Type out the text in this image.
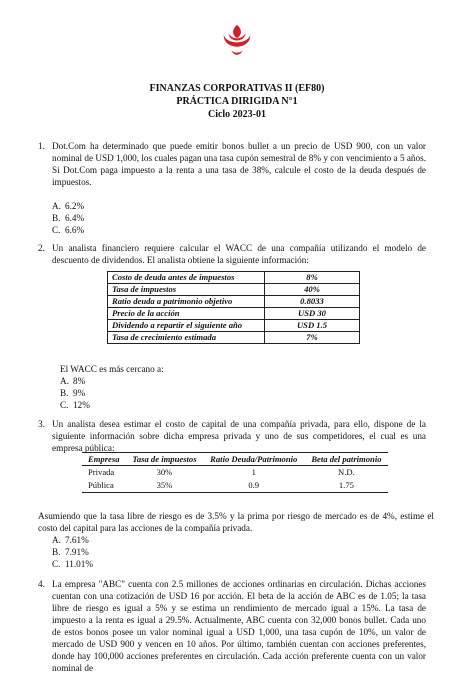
FINANZAS CORPORATIVAS II (EF80)
PRÁCTICA DIRIGIDA N°1
Ciclo 2023-01
1. Dot.Com ha determinado que puede emitir bonos bullet a un precio de USD 900, con un valor nominal de USD 1,000, los cuales pagan una tasa cupón semestral de 8% y con vencimiento a 5 años. Si Dot.Com paga impuesto a la renta a una tasa de 38%, calcule el costo de la deuda después de impuestos.
A. 6.2%
B. 6.4%
C. 6.6%
2. Un analista financiero requiere calcular el WACC de una compañía utilizando el modelo de descuento de dividendos. El analista obtiene la siguiente información:
Costo de deuda antes de impuestos	8%
Tasa de impuestos	40%
Ratio deuda a patrimonio objetivo	0.8033
Precio de la acción	USD 30
Dividendo a repartir el siguiente año	USD 1.5
Tasa de crecimiento estimada	7%
El WACC es más cercano a:
A. 8%
B. 9%
C. 12%
3. Un analista desea estimar el costo de capital de una compañía privada, para ello, dispone de la siguiente información sobre dicha empresa privada y uno de sus competidores, el cual es una empresa pública:
Empresa	Tasa de impuestos	Ratio Deuda/Patrimonio	Beta del patrimonio
Privada	30%	1	N.D.
Pública	35%	0.9	1.75
Asumiendo que la tasa libre de riesgo es de 3.5% y la prima por riesgo de mercado es de 4%, estime el costo del capital para las acciones de la compañía privada.
A. 7.61%
B. 7.91%
C. 11.01%
4. La empresa "ABC" cuenta con 2.5 millones de acciones ordinarias en circulación. Dichas acciones cuentan con una cotización de USD 16 por acción. El beta de la acción de ABC es de 1.05; la tasa libre de riesgo es igual a 5% y se estima un rendimiento de mercado igual a 15%. La tasa de impuesto a la renta es igual a 29.5%. Actualmente, ABC cuenta con 32,000 bonos bullet. Cada uno de estos bonos posee un valor nominal igual a USD 1,000, una tasa cupón de 10%, un valor de mercado de USD 900 y vencen en 10 años. Por último, también cuentan con acciones preferentes, donde hay 100,000 acciones preferentes en circulación. Cada acción preferente cuenta con un valor nominal de
